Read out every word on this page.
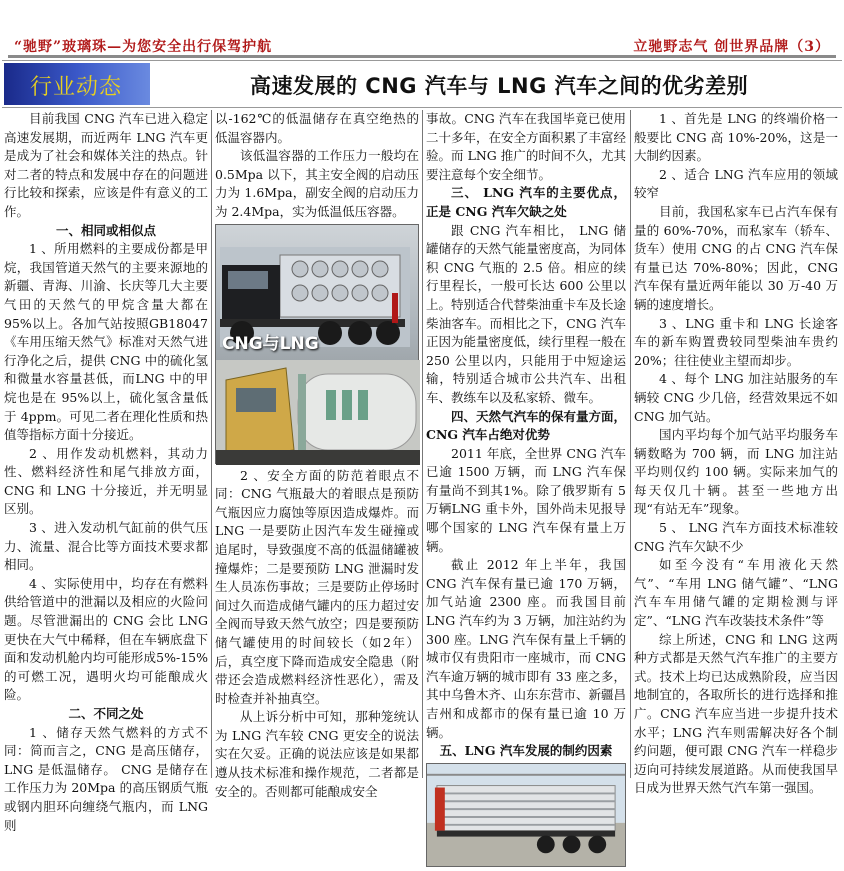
“驰野”玻璃珠—为您安全出行保驾护航	立驰野志气 创世界品牌（3）
行业动态	高速发展的 CNG 汽车与 LNG 汽车之间的优劣差别

目前我国 CNG 汽车已进入稳定高速发展期，而近两年 LNG 汽车更是成为了社会和媒体关注的热点。针对二者的特点和发展中存在的问题进行比较和探索，应该是件有意义的工作。

一、相同或相似点

1 、所用燃料的主要成份都是甲烷，我国管道天然气的主要来源地的新疆、青海、川渝、长庆等几大主要气田的天然气的甲烷含量大都在 95%以上。各加气站按照GB18047《车用压缩天然气》标准对天然气进行净化之后，提供 CNG 中的硫化氢和微量水容量甚低，而LNG 中的甲烷也是在 95%以上，硫化氢含量低于 4ppm。可见二者在理化性质和热值等指标方面十分接近。

2 、用作发动机燃料，其动力性、燃料经济性和尾气排放方面，CNG 和 LNG 十分接近，并无明显区别。

3 、进入发动机气缸前的供气压力、流量、混合比等方面技术要求都相同。

4 、实际使用中，均存在有燃料供给管道中的泄漏以及相应的火险问题。尽管泄漏出的 CNG 会比 LNG 更快在大气中稀释，但在车辆底盘下面和发动机舱内均可能形成5%-15%的可燃工况，遇明火均可能酿成火险。

二、不同之处

1 、储存天然气燃料的方式不同：简而言之，CNG 是高压储存，LNG 是低温储存。 CNG 是储存在工作压力为 20Mpa 的高压钢质气瓶或钢内胆环向缠绕气瓶内，而 LNG 则

以-162℃的低温储存在真空绝热的低温容器内。

该低温容器的工作压力一般均在 0.5Mpa 以下，其主安全阀的启动压力为 1.6Mpa，副安全阀的启动压力为 2.4Mpa，实为低温低压容器。

CNG与LNG

2 、安全方面的防范着眼点不同：CNG 气瓶最大的着眼点是预防气瓶因应力腐蚀等原因造成爆炸。而 LNG 一是要防止因汽车发生碰撞或追尾时，导致强度不高的低温储罐被撞爆炸；二是要预防 LNG 泄漏时发生人员冻伤事故；三是要防止停场时间过久而造成储气罐内的压力超过安全阀而导致天然气放空；四是要预防储气罐使用的时间较长（如2年）后，真空度下降而造成安全隐患（附带还会造成燃料经济性恶化），需及时检查并补抽真空。

从上诉分析中可知，那种笼统认为 LNG 汽车较 CNG 更安全的说法实在欠妥。正确的说法应该是如果都遵从技术标准和操作规范，二者都是安全的。否则都可能酿成安全

事故。CNG 汽车在我国毕竟已使用二十多年，在安全方面积累了丰富经验。而 LNG 推广的时间不久，尤其要注意每个安全细节。

三、 LNG 汽车的主要优点，正是 CNG 汽车欠缺之处

跟 CNG 汽车相比， LNG 储罐储存的天然气能量密度高，为同体积 CNG 气瓶的 2.5 倍。相应的续行里程长，一般可长达 600 公里以上。特别适合代替柴油重卡车及长途柴油客车。而相比之下，CNG 汽车正因为能量密度低，续行里程一般在 250 公里以内，只能用于中短途运输，特别适合城市公共汽车、出租车、教练车以及私家轿、微车。

四、天然气汽车的保有量方面，CNG 汽车占绝对优势

2011 年底，全世界 CNG 汽车已逾 1500 万辆，而 LNG 汽车保有量尚不到其1%。除了俄罗斯有 5 万辆LNG 重卡外，国外尚未见报导哪个国家的 LNG 汽车保有量上万辆。

截止 2012 年上半年，我国 CNG 汽车保有量已逾 170 万辆，加气站逾 2300 座。而我国目前 LNG 汽车约为 3 万辆，加注站约为 300 座。LNG 汽车保有量上千辆的城市仅有贵阳市一座城市，而 CNG 汽车逾万辆的城市即有 33 座之多，其中乌鲁木齐、山东东营市、新疆昌吉州和成都市的保有量已逾 10 万辆。

五、LNG 汽车发展的制约因素

1 、首先是 LNG 的终端价格一般要比 CNG 高 10%-20%，这是一大制约因素。

2 、适合 LNG 汽车应用的领域较窄

目前，我国私家车已占汽车保有量的 60%-70%，而私家车（轿车、货车）使用 CNG 的占 CNG 汽车保有量已达 70%-80%；因此，CNG 汽车保有量近两年能以 30 万-40 万辆的速度增长。

3 、LNG 重卡和 LNG 长途客车的新车购置费较同型柴油车贵约 20%；往往使业主望而却步。

4 、每个 LNG 加注站服务的车辆较 CNG 少几倍，经营效果远不如 CNG 加气站。

国内平均每个加气站平均服务车辆数略为 700 辆，而 LNG 加注站平均则仅约 100 辆。实际来加气的每天仅几十辆。甚至一些地方出现“有站无车”现象。

5 、 LNG 汽车方面技术标准较 CNG 汽车欠缺不少

如至今没有“车用液化天然气”、“车用 LNG 储气罐”、“LNG汽车车用储气罐的定期检测与评定”、“LNG 汽车改装技术条件”等

综上所述，CNG 和 LNG 这两种方式都是天然气汽车推广的主要方式。技术上均已达成熟阶段，应当因地制宜的，各取所长的进行选择和推广。CNG 汽车应当进一步提升技术水平；LNG 汽车则需解决好各个制约问题，便可跟 CNG 汽车一样稳步迈向可持续发展道路。从而使我国早日成为世界天然气汽车第一强国。
